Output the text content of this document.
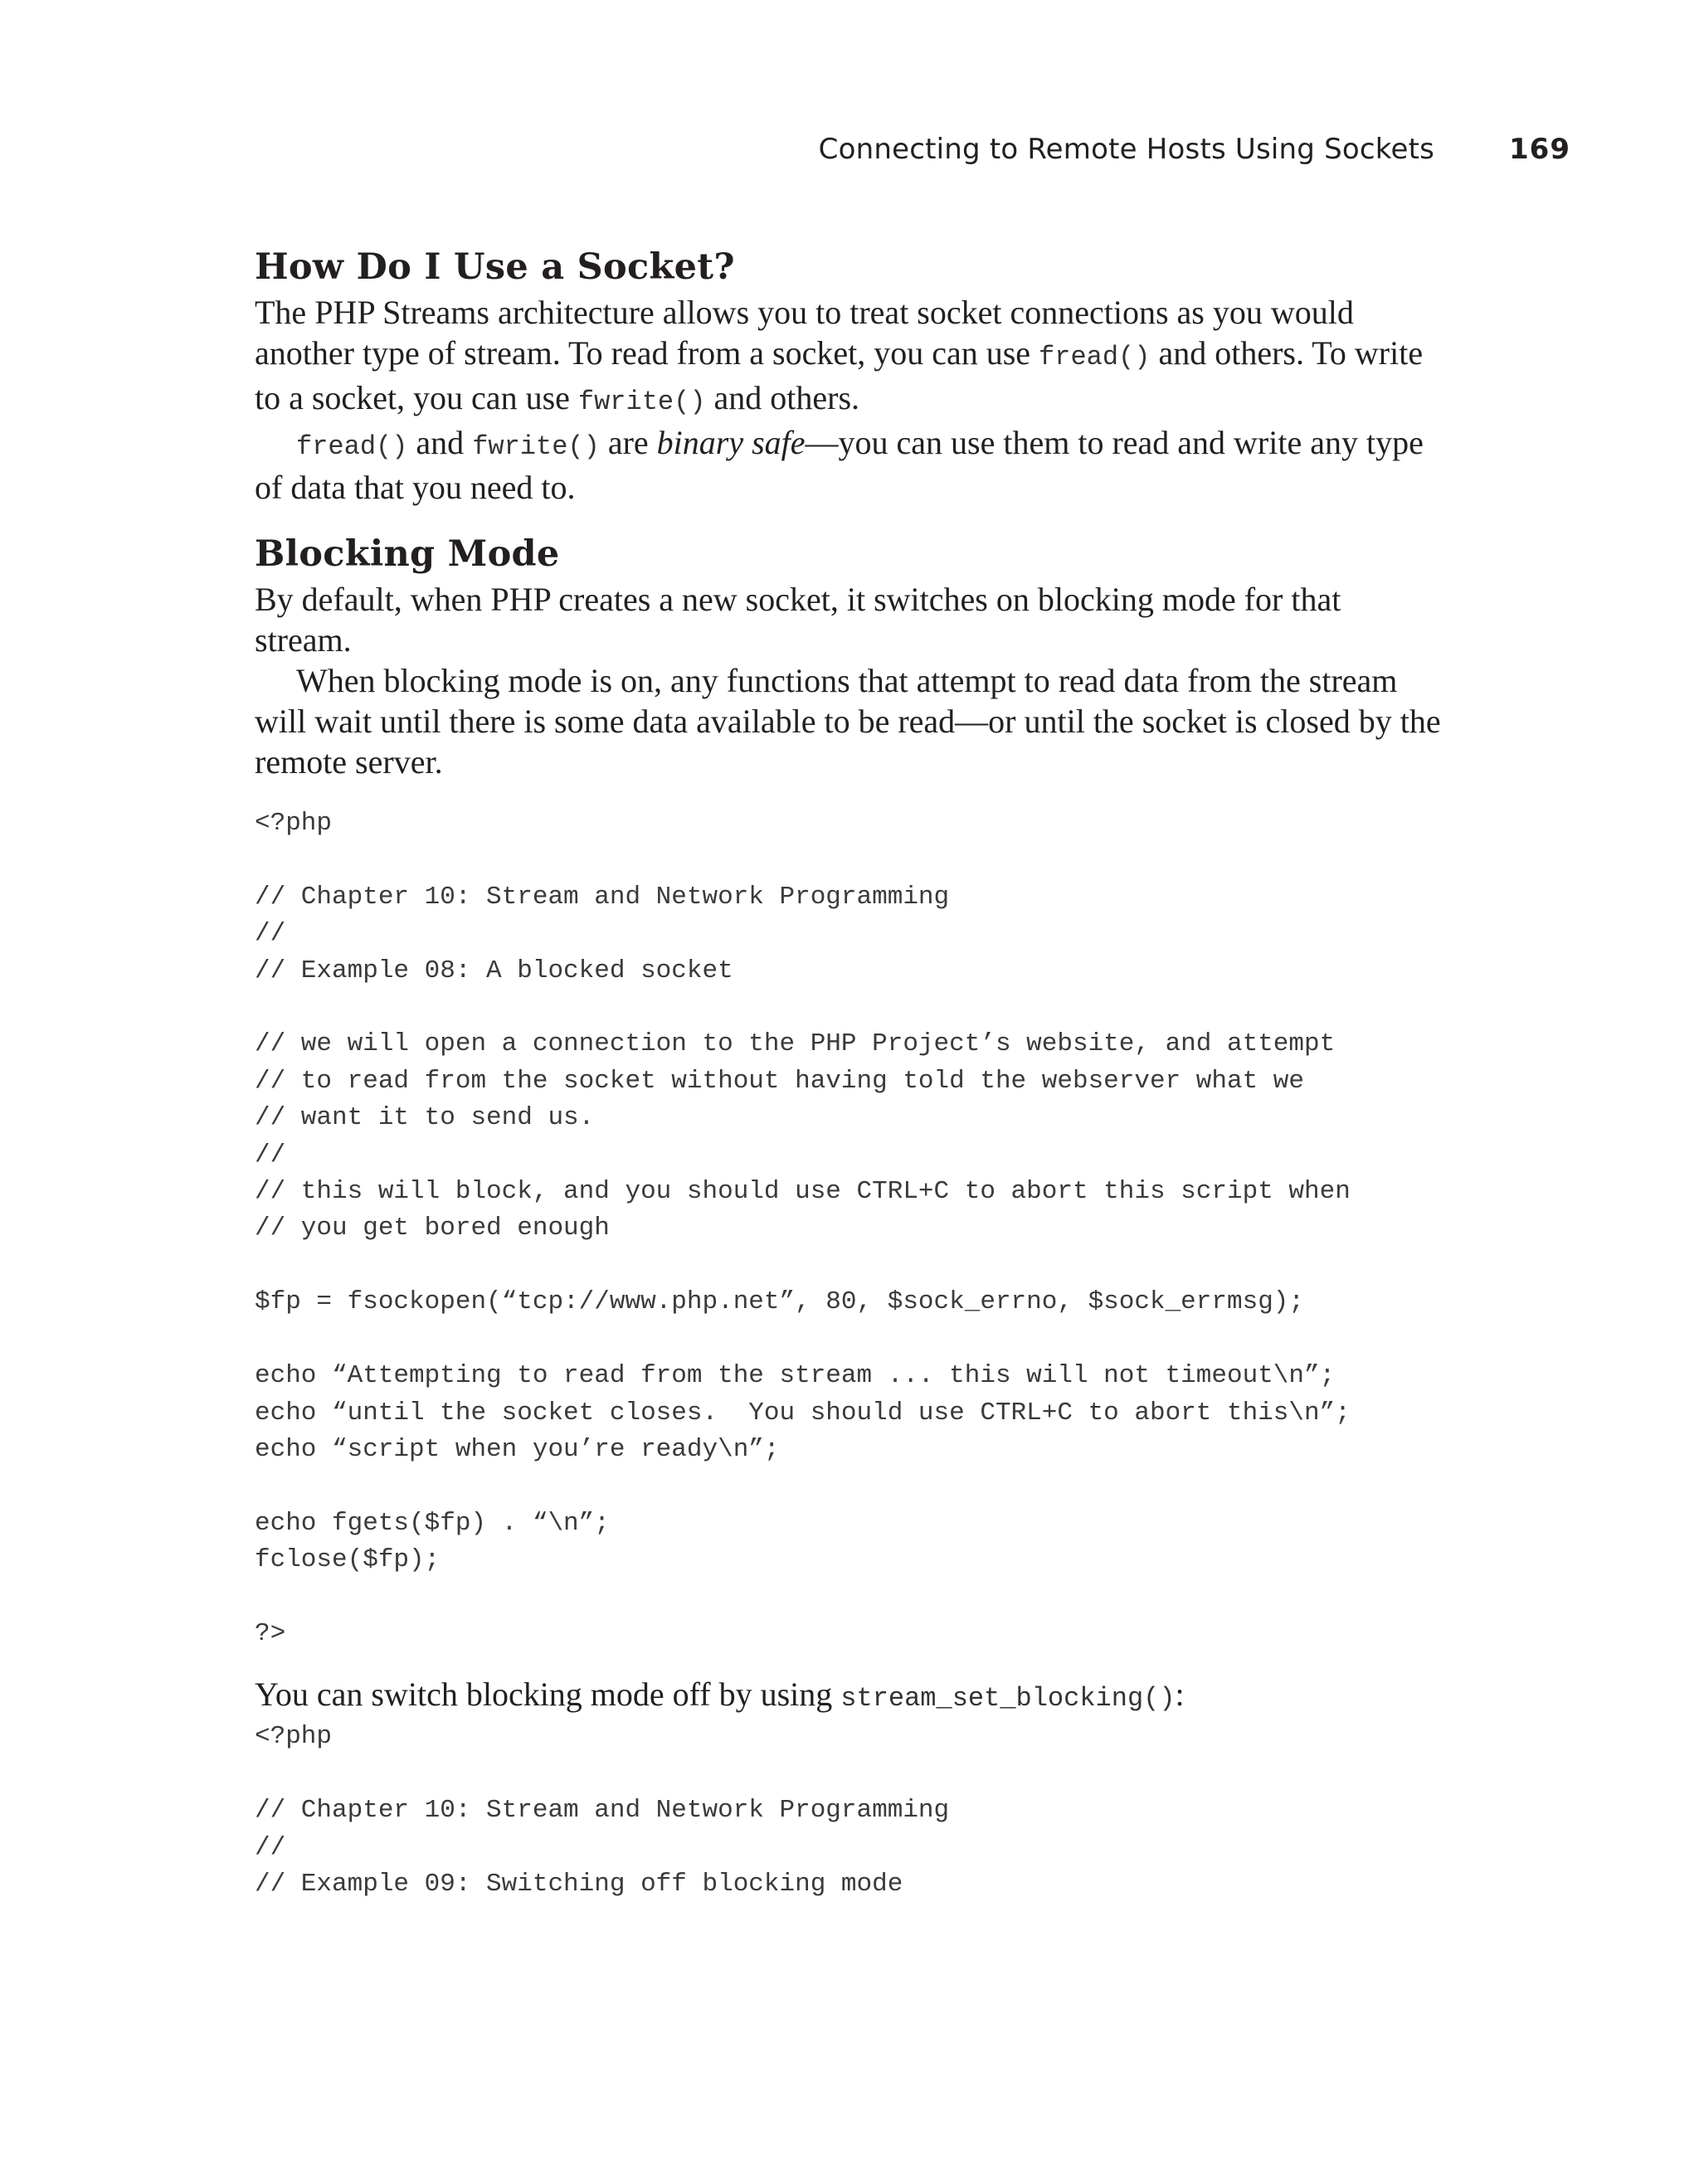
Connecting to Remote Hosts Using Sockets	169
How Do I Use a Socket?

The PHP Streams architecture allows you to treat socket connections as you would another type of stream. To read from a socket, you can use fread() and others. To write to a socket, you can use fwrite() and others.

fread() and fwrite() are binary safe—you can use them to read and write any type of data that you need to.

Blocking Mode

By default, when PHP creates a new socket, it switches on blocking mode for that stream.

When blocking mode is on, any functions that attempt to read data from the stream will wait until there is some data available to be read—or until the socket is closed by the remote server.

<?php

// Chapter 10: Stream and Network Programming
//
// Example 08: A blocked socket

// we will open a connection to the PHP Project’s website, and attempt
// to read from the socket without having told the webserver what we
// want it to send us.
//
// this will block, and you should use CTRL+C to abort this script when
// you get bored enough

$fp = fsockopen(“tcp://www.php.net”, 80, $sock_errno, $sock_errmsg);

echo “Attempting to read from the stream ... this will not timeout\n”;
echo “until the socket closes.  You should use CTRL+C to abort this\n”;
echo “script when you’re ready\n”;

echo fgets($fp) . “\n”;
fclose($fp);

?>

You can switch blocking mode off by using stream_set_blocking():

<?php

// Chapter 10: Stream and Network Programming
//
// Example 09: Switching off blocking mode
